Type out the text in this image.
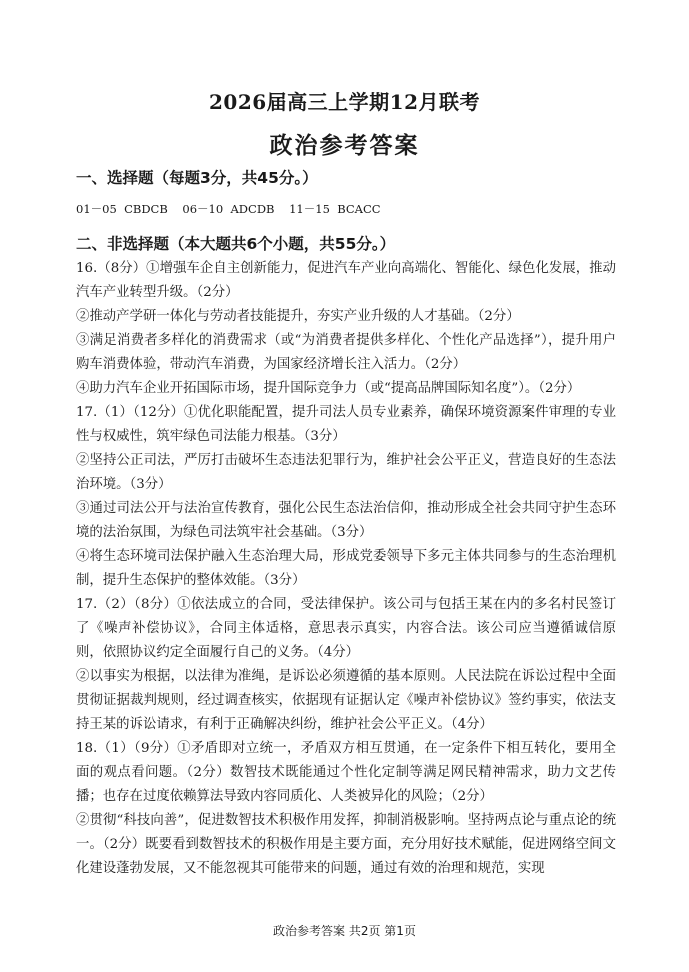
2026届高三上学期12月联考
政治参考答案
一、选择题（每题3分，共45分。）
01－05  CBDCB    06－10  ADCDB    11－15  BCACC
二、非选择题（本大题共6个小题，共55分。）
16.（8分）①增强车企自主创新能力，促进汽车产业向高端化、智能化、绿色化发展，推动汽车产业转型升级。（2分）
②推动产学研一体化与劳动者技能提升，夯实产业升级的人才基础。（2分）
③满足消费者多样化的消费需求（或“为消费者提供多样化、个性化产品选择”），提升用户购车消费体验，带动汽车消费，为国家经济增长注入活力。（2分）
④助力汽车企业开拓国际市场，提升国际竞争力（或“提高品牌国际知名度”）。（2分）
17.（1）（12分）①优化职能配置，提升司法人员专业素养，确保环境资源案件审理的专业性与权威性，筑牢绿色司法能力根基。（3分）
②坚持公正司法，严厉打击破坏生态违法犯罪行为，维护社会公平正义，营造良好的生态法治环境。（3分）
③通过司法公开与法治宣传教育，强化公民生态法治信仰，推动形成全社会共同守护生态环境的法治氛围，为绿色司法筑牢社会基础。（3分）
④将生态环境司法保护融入生态治理大局，形成党委领导下多元主体共同参与的生态治理机制，提升生态保护的整体效能。（3分）
17.（2）（8分）①依法成立的合同，受法律保护。该公司与包括王某在内的多名村民签订了《噪声补偿协议》，合同主体适格，意思表示真实，内容合法。该公司应当遵循诚信原则，依照协议约定全面履行自己的义务。（4分）
②以事实为根据，以法律为准绳，是诉讼必须遵循的基本原则。人民法院在诉讼过程中全面贯彻证据裁判规则，经过调查核实，依据现有证据认定《噪声补偿协议》签约事实，依法支持王某的诉讼请求，有利于正确解决纠纷，维护社会公平正义。（4分）
18.（1）（9分）①矛盾即对立统一，矛盾双方相互贯通，在一定条件下相互转化，要用全面的观点看问题。（2分）数智技术既能通过个性化定制等满足网民精神需求，助力文艺传播；也存在过度依赖算法导致内容同质化、人类被异化的风险；（2分）
②贯彻“科技向善”，促进数智技术积极作用发挥，抑制消极影响。坚持两点论与重点论的统一。（2分）既要看到数智技术的积极作用是主要方面，充分用好技术赋能，促进网络空间文化建设蓬勃发展，又不能忽视其可能带来的问题，通过有效的治理和规范，实现
政治参考答案 共2页 第1页
